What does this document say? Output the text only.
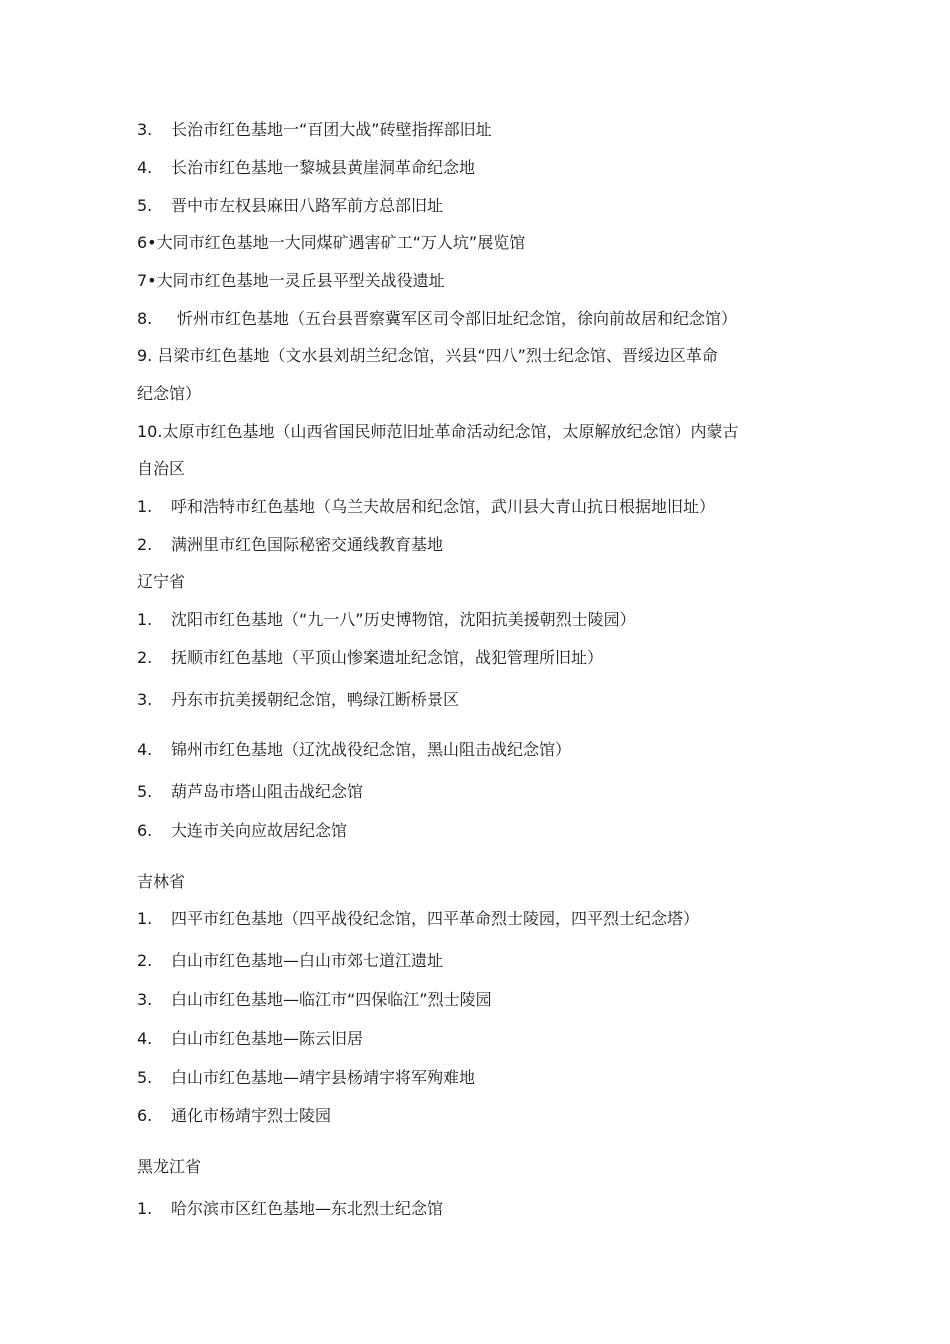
3. 长治市红色基地一“百团大战”砖壁指挥部旧址
4. 长治市红色基地一黎城县黄崖洞革命纪念地
5. 晋中市左权县麻田八路军前方总部旧址
6•大同市红色基地一大同煤矿遇害矿工“万人坑”展览馆
7•大同市红色基地一灵丘县平型关战役遗址
8. 忻州市红色基地（五台县晋察冀军区司令部旧址纪念馆，徐向前故居和纪念馆）
9. 吕梁市红色基地（文水县刘胡兰纪念馆，兴县“四八”烈士纪念馆、晋绥边区革命
纪念馆）
10.太原市红色基地（山西省国民师范旧址革命活动纪念馆，太原解放纪念馆）内蒙古
自治区
1. 呼和浩特市红色基地（乌兰夫故居和纪念馆，武川县大青山抗日根据地旧址）
2. 满洲里市红色国际秘密交通线教育基地
辽宁省
1. 沈阳市红色基地（“九一八”历史博物馆，沈阳抗美援朝烈士陵园）
2. 抚顺市红色基地（平顶山惨案遗址纪念馆，战犯管理所旧址）
3. 丹东市抗美援朝纪念馆，鸭绿江断桥景区
4. 锦州市红色基地（辽沈战役纪念馆，黑山阻击战纪念馆）
5. 葫芦岛市塔山阻击战纪念馆
6. 大连市关向应故居纪念馆
吉林省
1. 四平市红色基地（四平战役纪念馆，四平革命烈士陵园，四平烈士纪念塔）
2. 白山市红色基地—白山市郊七道江遗址
3. 白山市红色基地—临江市“四保临江”烈士陵园
4. 白山市红色基地—陈云旧居
5. 白山市红色基地—靖宇县杨靖宇将军殉难地
6. 通化市杨靖宇烈士陵园
黑龙江省
1. 哈尔滨市区红色基地—东北烈士纪念馆
